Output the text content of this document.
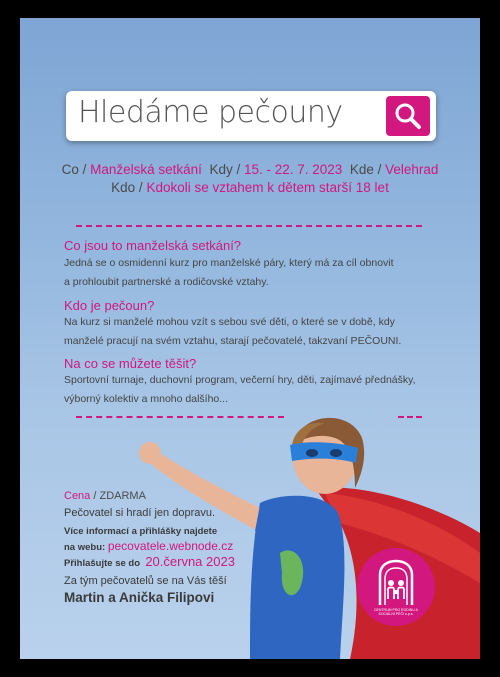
Hledáme pečouny
Co / Manželská setkání Kdy / 15. - 22. 7. 2023 Kde / Velehrad
Kdo / Kdokoli se vztahem k dětem starší 18 let
Co jsou to manželská setkání?
Jedná se o osmidenní kurz pro manželské páry, který má za cíl obnovit
a prohloubit partnerské a rodičovské vztahy.
Kdo je pečoun?
Na kurz si manželé mohou vzít s sebou své děti, o které se v době, kdy
manželé pracují na svém vztahu, starají pečovatelé, takzvaní PEČOUNI.
Na co se můžete těšit?
Sportovní turnaje, duchovní program, večerní hry, děti, zajímavé přednášky,
výborný kolektiv a mnoho dalšího...
Cena / ZDARMA
Pečovatel si hradí jen dopravu.
Více informací a přihlášky najdete
na webu: pecovatele.webnode.cz
Přihlašujte se do 20.června 2023
Za tým pečovatelů se na Vás těší
Martin a Anička Filipovi
CENTRUM PRO RODINU A SOCIÁLNÍ PÉČI o.p.s.
